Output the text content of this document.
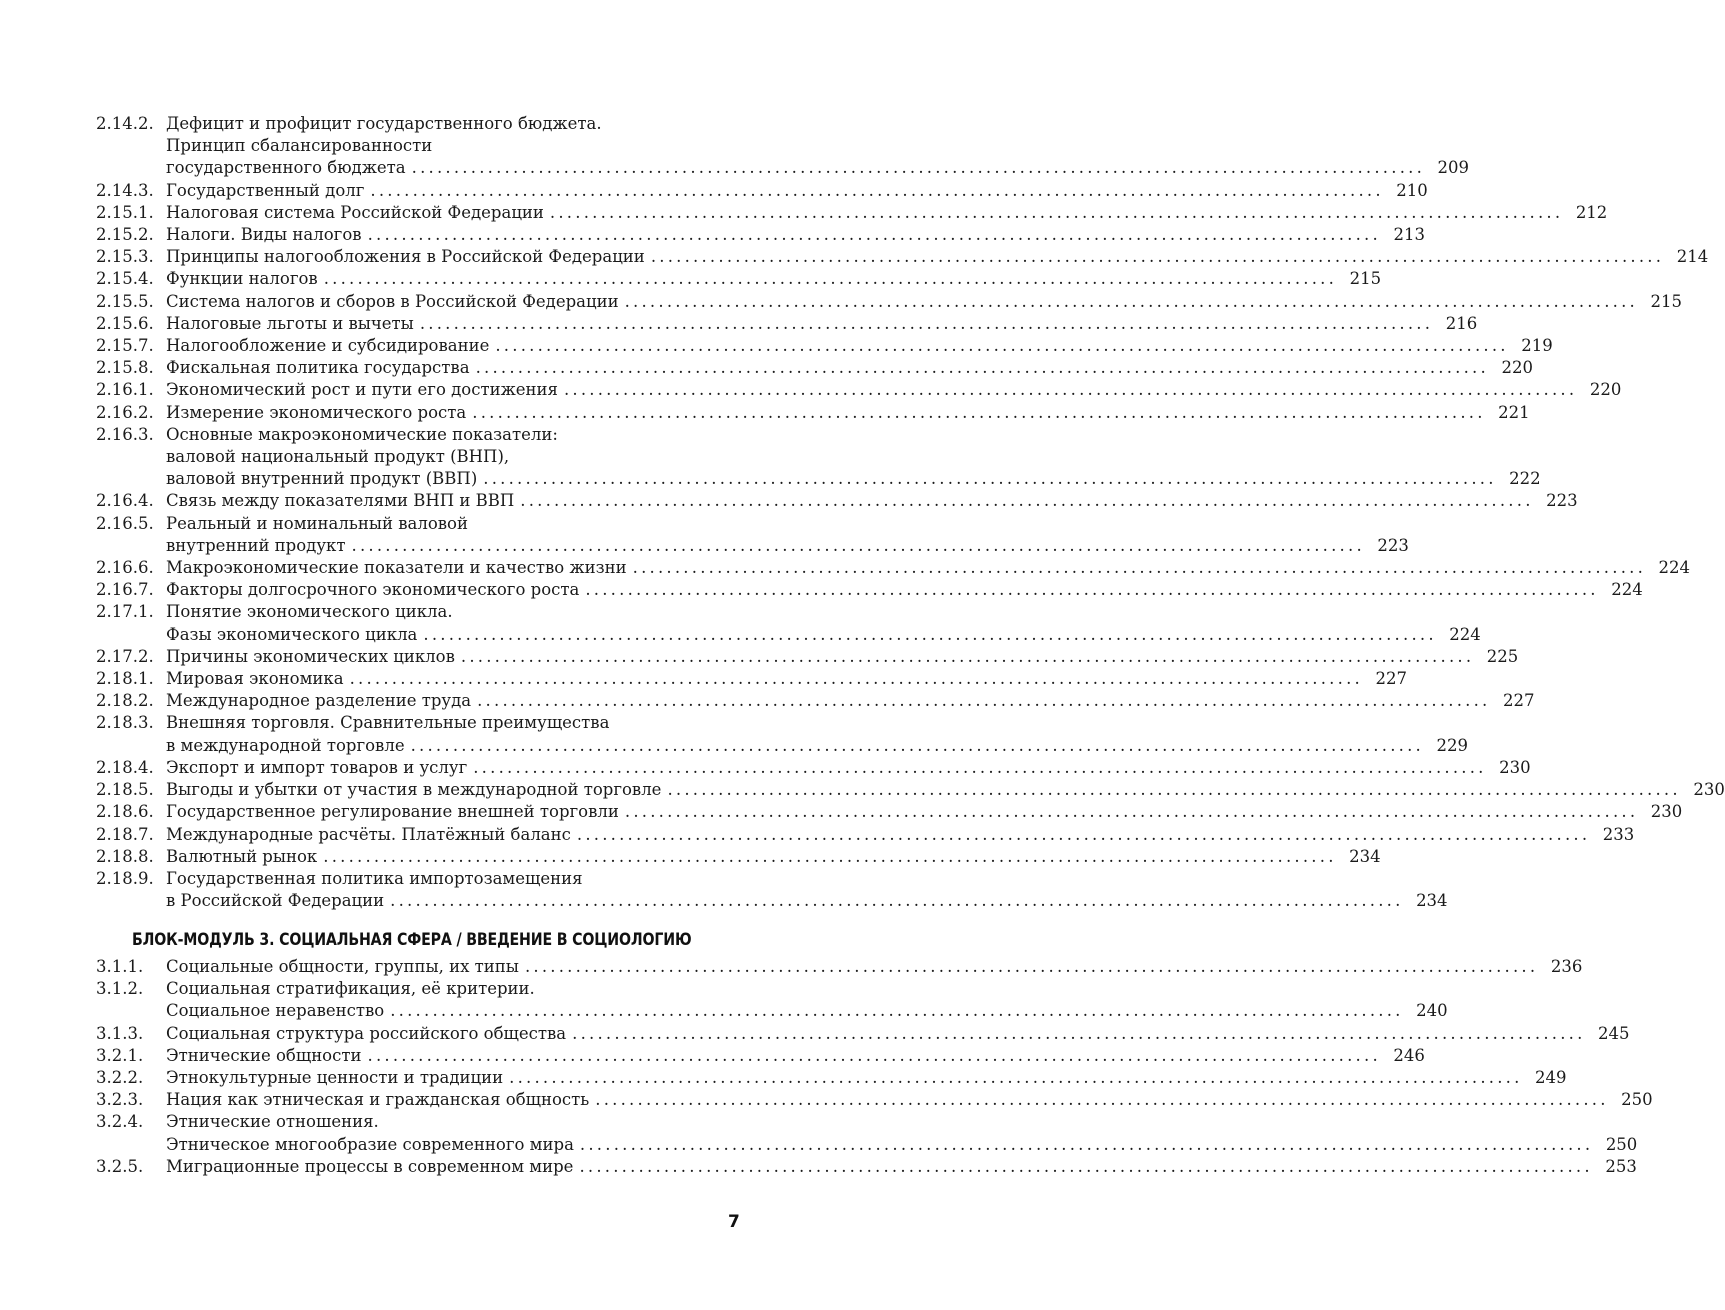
2.14.2. Дефицит и профицит государственного бюджета.
Принцип сбалансированности
государственного бюджета ........................................................................................................................ 209
2.14.3. Государственный долг ........................................................................................................................ 210
2.15.1. Налоговая система Российской Федерации ........................................................................................................................ 212
2.15.2. Налоги. Виды налогов ........................................................................................................................ 213
2.15.3. Принципы налогообложения в Российской Федерации ........................................................................................................................ 214
2.15.4. Функции налогов ........................................................................................................................ 215
2.15.5. Система налогов и сборов в Российской Федерации ........................................................................................................................ 215
2.15.6. Налоговые льготы и вычеты ........................................................................................................................ 216
2.15.7. Налогообложение и субсидирование ........................................................................................................................ 219
2.15.8. Фискальная политика государства ........................................................................................................................ 220
2.16.1. Экономический рост и пути его достижения ........................................................................................................................ 220
2.16.2. Измерение экономического роста ........................................................................................................................ 221
2.16.3. Основные макроэкономические показатели:
валовой национальный продукт (ВНП),
валовой внутренний продукт (ВВП) ........................................................................................................................ 222
2.16.4. Связь между показателями ВНП и ВВП ........................................................................................................................ 223
2.16.5. Реальный и номинальный валовой
внутренний продукт ........................................................................................................................ 223
2.16.6. Макроэкономические показатели и качество жизни ........................................................................................................................ 224
2.16.7. Факторы долгосрочного экономического роста ........................................................................................................................ 224
2.17.1. Понятие экономического цикла.
Фазы экономического цикла ........................................................................................................................ 224
2.17.2. Причины экономических циклов ........................................................................................................................ 225
2.18.1. Мировая экономика ........................................................................................................................ 227
2.18.2. Международное разделение труда ........................................................................................................................ 227
2.18.3. Внешняя торговля. Сравнительные преимущества
в международной торговле ........................................................................................................................ 229
2.18.4. Экспорт и импорт товаров и услуг ........................................................................................................................ 230
2.18.5. Выгоды и убытки от участия в международной торговле ........................................................................................................................ 230
2.18.6. Государственное регулирование внешней торговли ........................................................................................................................ 230
2.18.7. Международные расчёты. Платёжный баланс ........................................................................................................................ 233
2.18.8. Валютный рынок ........................................................................................................................ 234
2.18.9. Государственная политика импортозамещения
в Российской Федерации ........................................................................................................................ 234
БЛОК-МОДУЛЬ 3. СОЦИАЛЬНАЯ СФЕРА / ВВЕДЕНИЕ В СОЦИОЛОГИЮ
3.1.1.	Социальные общности, группы, их типы ........................................................................................................................ 236
3.1.2.	Социальная стратификация, её критерии.
Социальное неравенство ........................................................................................................................ 240
3.1.3.	Социальная структура российского общества ........................................................................................................................ 245
3.2.1.	Этнические общности ........................................................................................................................ 246
3.2.2.	Этнокультурные ценности и традиции ........................................................................................................................ 249
3.2.3.	Нация как этническая и гражданская общность ........................................................................................................................ 250
3.2.4.	Этнические отношения.
Этническое многообразие современного мира ........................................................................................................................ 250
3.2.5.	Миграционные процессы в современном мире ........................................................................................................................ 253
7
